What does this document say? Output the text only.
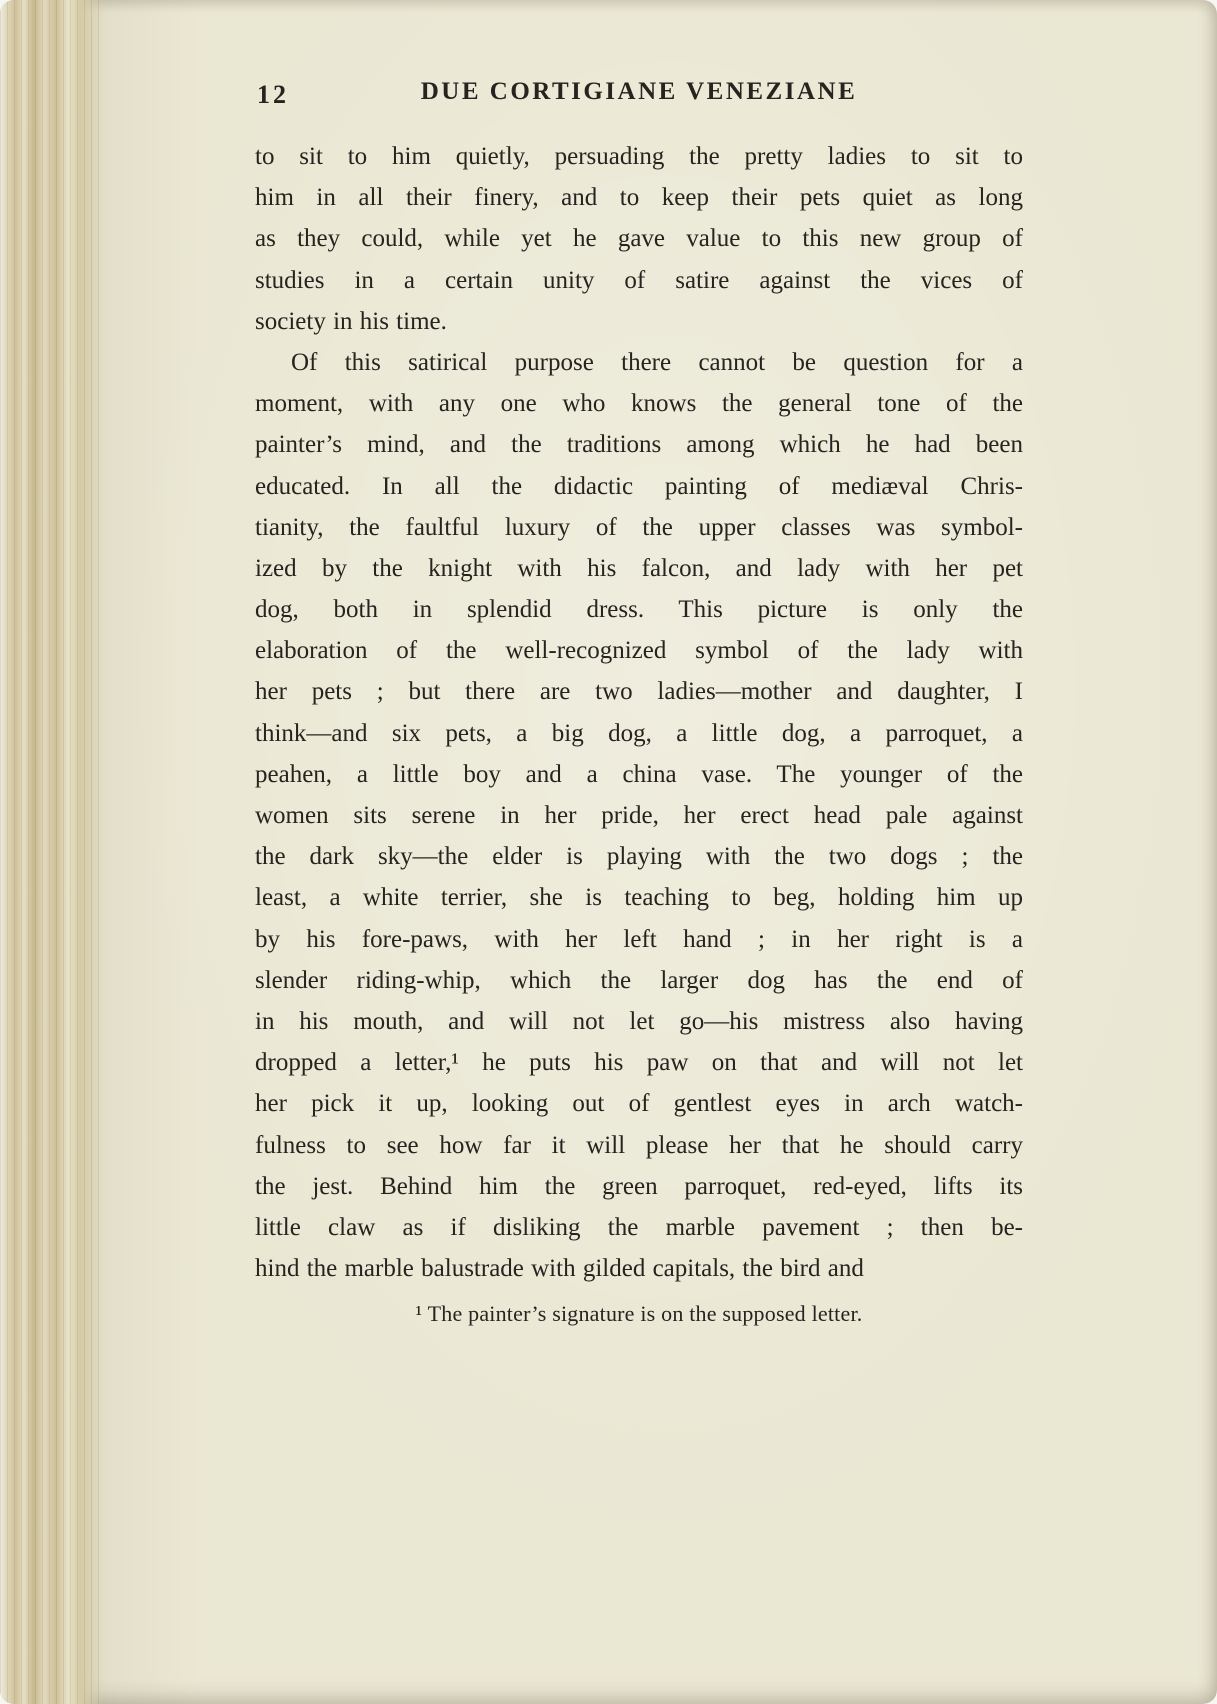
12	DUE CORTIGIANE VENEZIANE
to sit to him quietly, persuading the pretty ladies to sit to
him in all their finery, and to keep their pets quiet as long
as they could, while yet he gave value to this new group of
studies in a certain unity of satire against the vices of
society in his time.
Of this satirical purpose there cannot be question for a
moment, with any one who knows the general tone of the
painter’s mind, and the traditions among which he had been
educated. In all the didactic painting of mediæval Chris-
tianity, the faultful luxury of the upper classes was symbol-
ized by the knight with his falcon, and lady with her pet
dog, both in splendid dress. This picture is only the
elaboration of the well-recognized symbol of the lady with
her pets ; but there are two ladies—mother and daughter, I
think—and six pets, a big dog, a little dog, a parroquet, a
peahen, a little boy and a china vase. The younger of the
women sits serene in her pride, her erect head pale against
the dark sky—the elder is playing with the two dogs ; the
least, a white terrier, she is teaching to beg, holding him up
by his fore-paws, with her left hand ; in her right is a
slender riding-whip, which the larger dog has the end of
in his mouth, and will not let go—his mistress also having
dropped a letter,¹ he puts his paw on that and will not let
her pick it up, looking out of gentlest eyes in arch watch-
fulness to see how far it will please her that he should carry
the jest. Behind him the green parroquet, red-eyed, lifts its
little claw as if disliking the marble pavement ; then be-
hind the marble balustrade with gilded capitals, the bird and
¹ The painter’s signature is on the supposed letter.
